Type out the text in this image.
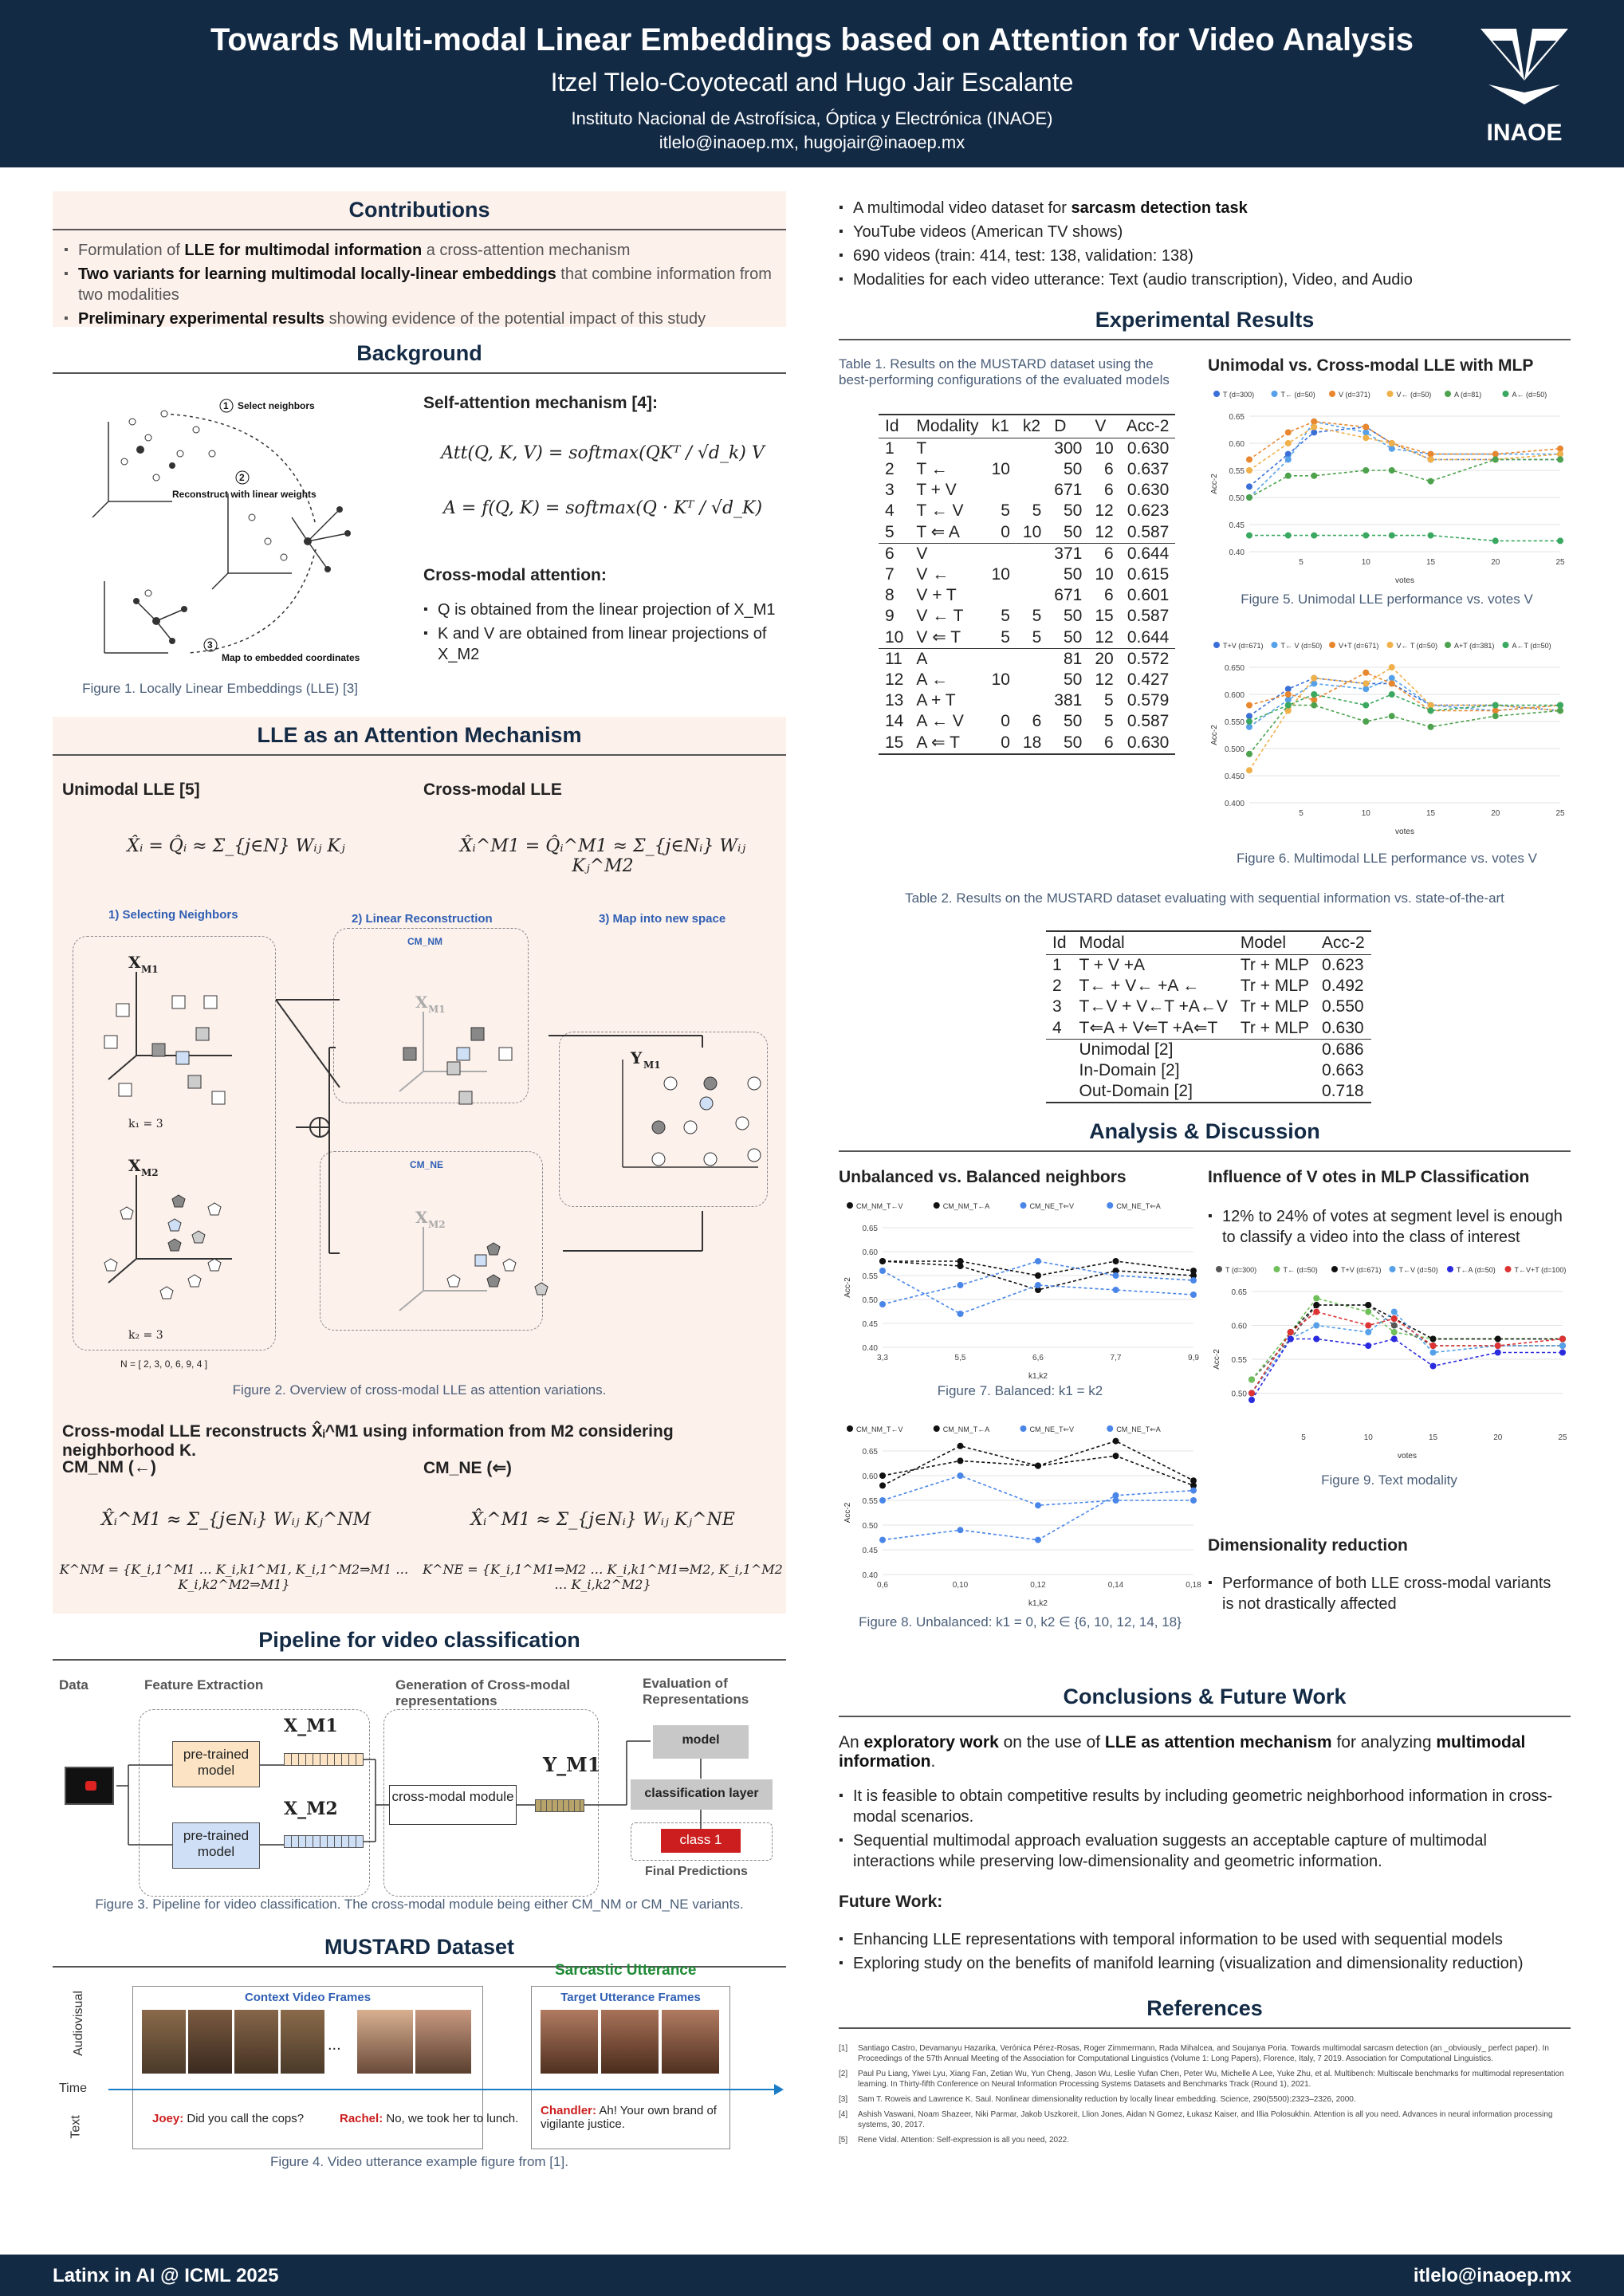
Towards Multi-modal Linear Embeddings based on Attention for Video Analysis
Itzel Tlelo-Coyotecatl and Hugo Jair Escalante
Instituto Nacional de Astrofísica, Óptica y Electrónica (INAOE)
itlelo@inaoep.mx, hugojair@inaoep.mx	INAOE
Contributions
▪ Formulation of LLE for multimodal information a cross-attention mechanism
▪ Two variants for learning multimodal locally-linear embeddings that combine information from two modalities
▪ Preliminary experimental results showing evidence of the potential impact of this study
Background
1 Select neighbors
2
Reconstruct with linear weights
3
Map to embedded coordinates
Figure 1. Locally Linear Embeddings (LLE) [3]
Self-attention mechanism [4]:
Att(Q, K, V) = softmax(QKᵀ / √d_k) V
A = f(Q, K) = softmax(Q · Kᵀ / √d_K)
Cross-modal attention:
▪ Q is obtained from the linear projection of X_M1
▪ K and V are obtained from linear projections of X_M2
LLE as an Attention Mechanism
Unimodal LLE [5]	Cross-modal LLE
X̂ᵢ = Q̂ᵢ ≈ Σ_{j∈N} Wᵢⱼ Kⱼ	X̂ᵢ^M1 = Q̂ᵢ^M1 ≈ Σ_{j∈Nᵢ} Wᵢⱼ Kⱼ^M2
1) Selecting Neighbors	2) Linear Reconstruction	3) Map into new space
CM_NM
CM_NE
X M1
X M2
X M1
X M2
Y M1
k₁ = 3
k₂ = 3
N = [ 2, 3, 0, 6, 9, 4 ]
Figure 2. Overview of cross-modal LLE as attention variations.
Cross-modal LLE reconstructs X̂ᵢ^M1 using information from M2 considering neighborhood K.
CM_NM (←)	CM_NE (⇐)
X̂ᵢ^M1 ≈ Σ_{j∈Nᵢ} Wᵢⱼ Kⱼ^NM	X̂ᵢ^M1 ≈ Σ_{j∈Nᵢ} Wᵢⱼ Kⱼ^NE
K^NM = {K_i,1^M1 … K_i,k1^M1, K_i,1^M2⇒M1 … K_i,k2^M2⇒M1}
K^NE = {K_i,1^M1⇒M2 … K_i,k1^M1⇒M2, K_i,1^M2 … K_i,k2^M2}
Pipeline for video classification
Data	Feature Extraction	Generation of Cross-modal representations
Evaluation of Representations
pre-trained model
pre-trained model
X_M1
X_M2
cross-modal module
Y_M1
model
classification layer
class 1
Final Predictions
Figure 3. Pipeline for video classification. The cross-modal module being either CM_NM or CM_NE variants.
MUSTARD Dataset
Sarcastic Utterance
Audiovisual
Time
Text
Context Video Frames	Target Utterance Frames
...
Joey: Did you call the cops?	Rachel: No, we took her to lunch.
Chandler: Ah! Your own brand of vigilante justice.
Figure 4. Video utterance example figure from [1].
▪ A multimodal video dataset for sarcasm detection task
▪ YouTube videos (American TV shows)
▪ 690 videos (train: 414, test: 138, validation: 138)
▪ Modalities for each video utterance: Text (audio transcription), Video, and Audio
Experimental Results
Table 1. Results on the MUSTARD dataset using the best-performing configurations of the evaluated models
Id	Modality	k1	k2	D	V	Acc-2
1	T			300	10	0.630
2	T ←	10		50	6	0.637
3	T + V			671	6	0.630
4	T ← V	5	5	50	12	0.623
5	T ⇐ A	0	10	50	12	0.587
6	V			371	6	0.644
7	V ←	10		50	10	0.615
8	V + T			671	6	0.601
9	V ← T	5	5	50	15	0.587
10	V ⇐ T	5	5	50	12	0.644
11	A			81	20	0.572
12	A ←	10		50	12	0.427
13	A + T			381	5	0.579
14	A ← V	0	6	50	5	0.587
15	A ⇐ T	0	18	50	6	0.630
Unimodal vs. Cross-modal LLE with MLP
T (d=300)	T← (d=50)	V (d=371)	V← (d=50)	A (d=81)	A← (d=50)
0.40
0.45
0.50
0.55
0.60
0.65
5	10	15	20	25
votes
Acc-2
Figure 5. Unimodal LLE performance vs. votes V
T+V (d=671) T← V (d=50) V+T (d=671) V← T (d=50) A+T (d=381) A←T (d=50)
0.400
0.450
0.500
0.550
0.600
0.650
5	10	15	20	25
votes
Acc-2
Figure 6. Multimodal LLE performance vs. votes V
Table 2. Results on the MUSTARD dataset evaluating with sequential information vs. state-of-the-art
Id	Modal	Model	Acc-2
1	T + V +A	Tr + MLP	0.623
2	T← + V← +A ←	Tr + MLP	0.492
3	T←V + V←T +A←V	Tr + MLP	0.550
4	T⇐A + V⇐T +A⇐T	Tr + MLP	0.630
	Unimodal [2]		0.686
	In-Domain [2]		0.663
	Out-Domain [2]		0.718
Analysis & Discussion
Unbalanced vs. Balanced neighbors
CM_NM_T←V	CM_NM_T←A	CM_NE_T⇐V	CM_NE_T⇐A
0.40
0.45
0.50
0.55
0.60
0.65
3,3	5,5	6,6	7,7	9,9
k1,k2
Acc-2
Figure 7. Balanced: k1 = k2
CM_NM_T←V	CM_NM_T←A	CM_NE_T⇐V	CM_NE_T⇐A
0.40
0.45
0.50
0.55
0.60
0.65
0,6	0,10	0,12	0,14	0,18
k1,k2
Acc-2
Figure 8. Unbalanced: k1 = 0, k2 ∈ {6, 10, 12, 14, 18}
Influence of V otes in MLP Classification
▪ 12% to 24% of votes at segment level is enough to classify a video into the class of interest
T (d=300)	T← (d=50)	T+V (d=671) T←V (d=50)	T←A (d=50)	T←V+T (d=100)
0.50
0.55
0.60
0.65
5	10	15	20	25
votes
Acc-2
Figure 9. Text modality
Dimensionality reduction
▪ Performance of both LLE cross-modal variants is not drastically affected
Conclusions & Future Work
An exploratory work on the use of LLE as attention mechanism for analyzing multimodal information.
▪ It is feasible to obtain competitive results by including geometric neighborhood information in cross-modal scenarios.
▪ Sequential multimodal approach evaluation suggests an acceptable capture of multimodal interactions while preserving low-dimensionality and geometric information.
Future Work:
▪ Enhancing LLE representations with temporal information to be used with sequential models
▪ Exploring study on the benefits of manifold learning (visualization and dimensionality reduction)
References
[1] Santiago Castro, Devamanyu Hazarika, Verónica Pérez-Rosas, Roger Zimmermann, Rada Mihalcea, and Soujanya Poria. Towards multimodal sarcasm detection (an _obviously_ perfect paper). In Proceedings of the 57th Annual Meeting of the Association for Computational Linguistics (Volume 1: Long Papers), Florence, Italy, 7 2019. Association for Computational Linguistics.
[2] Paul Pu Liang, Yiwei Lyu, Xiang Fan, Zetian Wu, Yun Cheng, Jason Wu, Leslie Yufan Chen, Peter Wu, Michelle A Lee, Yuke Zhu, et al. Multibench: Multiscale benchmarks for multimodal representation learning. In Thirty-fifth Conference on Neural Information Processing Systems Datasets and Benchmarks Track (Round 1), 2021.
[3] Sam T. Roweis and Lawrence K. Saul. Nonlinear dimensionality reduction by locally linear embedding. Science, 290(5500):2323–2326, 2000.
[4] Ashish Vaswani, Noam Shazeer, Niki Parmar, Jakob Uszkoreit, Llion Jones, Aidan N Gomez, Łukasz Kaiser, and Illia Polosukhin. Attention is all you need. Advances in neural information processing systems, 30, 2017.
[5] Rene Vidal. Attention: Self-expression is all you need, 2022.
Latinx in AI @ ICML 2025	itlelo@inaoep.mx
